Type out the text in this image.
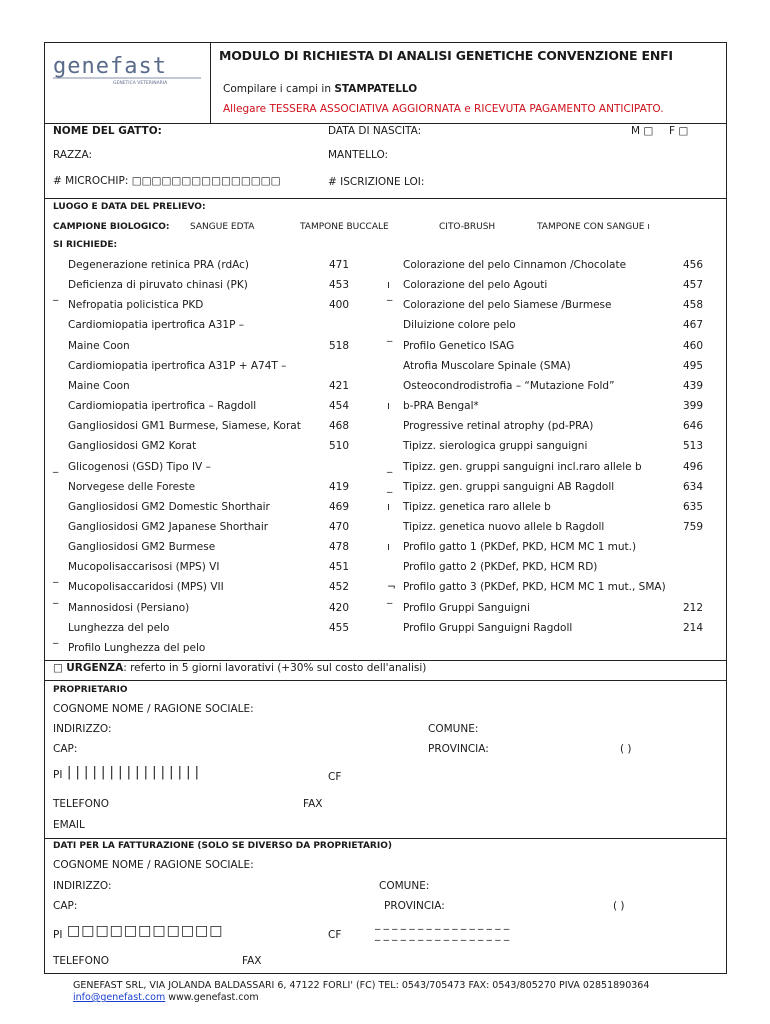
genefast
GENETICA VETERINARIA
MODULO DI RICHIESTA DI ANALISI GENETICHE CONVENZIONE ENFI
Compilare i campi in STAMPATELLO
Allegare TESSERA ASSOCIATIVA AGGIORNATA e RICEVUTA PAGAMENTO ANTICIPATO.
NOME DEL GATTO:	DATA DI NASCITA:	M □ F □
RAZZA:	MANTELLO:
# MICROCHIP: □□□□□□□□□□□□□□□	# ISCRIZIONE LOI:
LUOGO E DATA DEL PRELIEVO:
CAMPIONE BIOLOGICO: SANGUE EDTA	TAMPONE BUCCALE	CITO-BRUSH	TAMPONE CON SANGUE ı
SI RICHIEDE:
Degenerazione retinica PRA (rdAc)	471
Deficienza di piruvato chinasi (PK)	453
‾ Nefropatia policistica PKD	400
Cardiomiopatia ipertrofica A31P –
Maine Coon	518
Cardiomiopatia ipertrofica A31P + A74T –
Maine Coon	421
Cardiomiopatia ipertrofica – Ragdoll	454
Gangliosidosi GM1 Burmese, Siamese, Korat	468
Gangliosidosi GM2 Korat	510
_ Glicogenosi (GSD) Tipo IV –
Norvegese delle Foreste	419
Gangliosidosi GM2 Domestic Shorthair	469
Gangliosidosi GM2 Japanese Shorthair	470
Gangliosidosi GM2 Burmese	478
Mucopolisaccarisosi (MPS) VI	451
‾ Mucopolisaccaridosi (MPS) VII	452
‾ Mannosidosi (Persiano)	420
Lunghezza del pelo	455
‾ Profilo Lunghezza del pelo
Colorazione del pelo Cinnamon /Chocolate	456
ı Colorazione del pelo Agouti	457
‾ Colorazione del pelo Siamese /Burmese	458
Diluizione colore pelo	467
‾ Profilo Genetico ISAG	460
Atrofia Muscolare Spinale (SMA)	495
Osteocondrodistrofia – “Mutazione Fold”	439
ı b-PRA Bengal*	399
Progressive retinal atrophy (pd-PRA)	646
Tipizz. sierologica gruppi sanguigni	513
_ Tipizz. gen. gruppi sanguigni incl.raro allele b	496
_ Tipizz. gen. gruppi sanguigni AB Ragdoll	634
ı Tipizz. genetica raro allele b	635
Tipizz. genetica nuovo allele b Ragdoll	759
ı Profilo gatto 1 (PKDef, PKD, HCM MC 1 mut.)
Profilo gatto 2 (PKDef, PKD, HCM RD)
¬ Profilo gatto 3 (PKDef, PKD, HCM MC 1 mut., SMA)
‾ Profilo Gruppi Sanguigni	212
Profilo Gruppi Sanguigni Ragdoll	214
□ URGENZA: referto in 5 giorni lavorativi (+30% sul costo dell'analisi)
PROPRIETARIO
COGNOME NOME / RAGIONE SOCIALE:
INDIRIZZO:	COMUNE:
CAP:	PROVINCIA:	( )
PI | | | | | | | | | | | | | | | |	CF
TELEFONO	FAX
EMAIL
DATI PER LA FATTURAZIONE (SOLO SE DIVERSO DA PROPRIETARIO)
COGNOME NOME / RAGIONE SOCIALE:
INDIRIZZO:	COMUNE:
CAP:	PROVINCIA:	( )
PI □□□□□□□□□□□	CF
_ _ _ _ _ _ _ _ _ _ _ _ _ _ _ _
_ _ _ _ _ _ _ _ _ _ _ _ _ _ _ _
TELEFONO	FAX
GENEFAST SRL, VIA JOLANDA BALDASSARI 6, 47122 FORLI' (FC) TEL: 0543/705473 FAX: 0543/805270 PIVA 02851890364
info@genefast.com www.genefast.com
